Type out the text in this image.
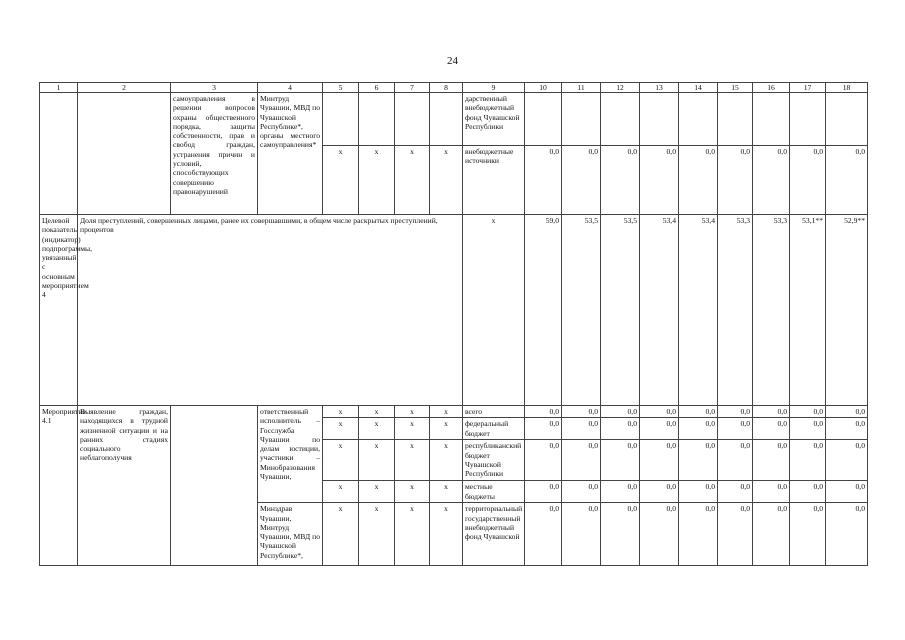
24
1	2	3	4	5	6	7	8	9	10	11	12	13	14	15	16	17	18
		самоуправления в решении вопросов охраны общественного порядка, защиты собственности, прав и свобод граждан, устранения причин и условий, способствующих совершению правонарушений	Минтруд Чувашии, МВД по Чувашской Республике*, органы местного самоуправления*					дарственный внебюджетный фонд Чувашской Республики									
				x	x	x	x	внебюджетные источники	0,0	0,0	0,0	0,0	0,0	0,0	0,0	0,0	0,0
Целевой показатель (индикатор) подпрограммы, увязанный с основным мероприятием 4	Доля преступлений, совершенных лицами, ранее их совершавшими, в общем числе раскрытых преступлений, процентов							x	59,0	53,5	53,5	53,4	53,4	53,3	53,3	53,1**	52,9**
Мероприятие 4.1	Выявление граждан, находящихся в трудной жизненной ситуации и на ранних стадиях социального неблагополучия		ответственный исполнитель – Госслужба Чувашии по делам юстиции, участники – Минобразования Чувашии,	x	x	x	x	всего	0,0	0,0	0,0	0,0	0,0	0,0	0,0	0,0	0,0
				x	x	x	x	федеральный бюджет	0,0	0,0	0,0	0,0	0,0	0,0	0,0	0,0	0,0
				x	x	x	x	республиканский бюджет Чувашской Республики	0,0	0,0	0,0	0,0	0,0	0,0	0,0	0,0	0,0
				x	x	x	x	местные бюджеты	0,0	0,0	0,0	0,0	0,0	0,0	0,0	0,0	0,0
			Минздрав Чувашии, Минтруд Чувашии, МВД по Чувашской Республике*,	x	x	x	x	территориальный государственный внебюджетный фонд Чувашской	0,0	0,0	0,0	0,0	0,0	0,0	0,0	0,0	0,0
